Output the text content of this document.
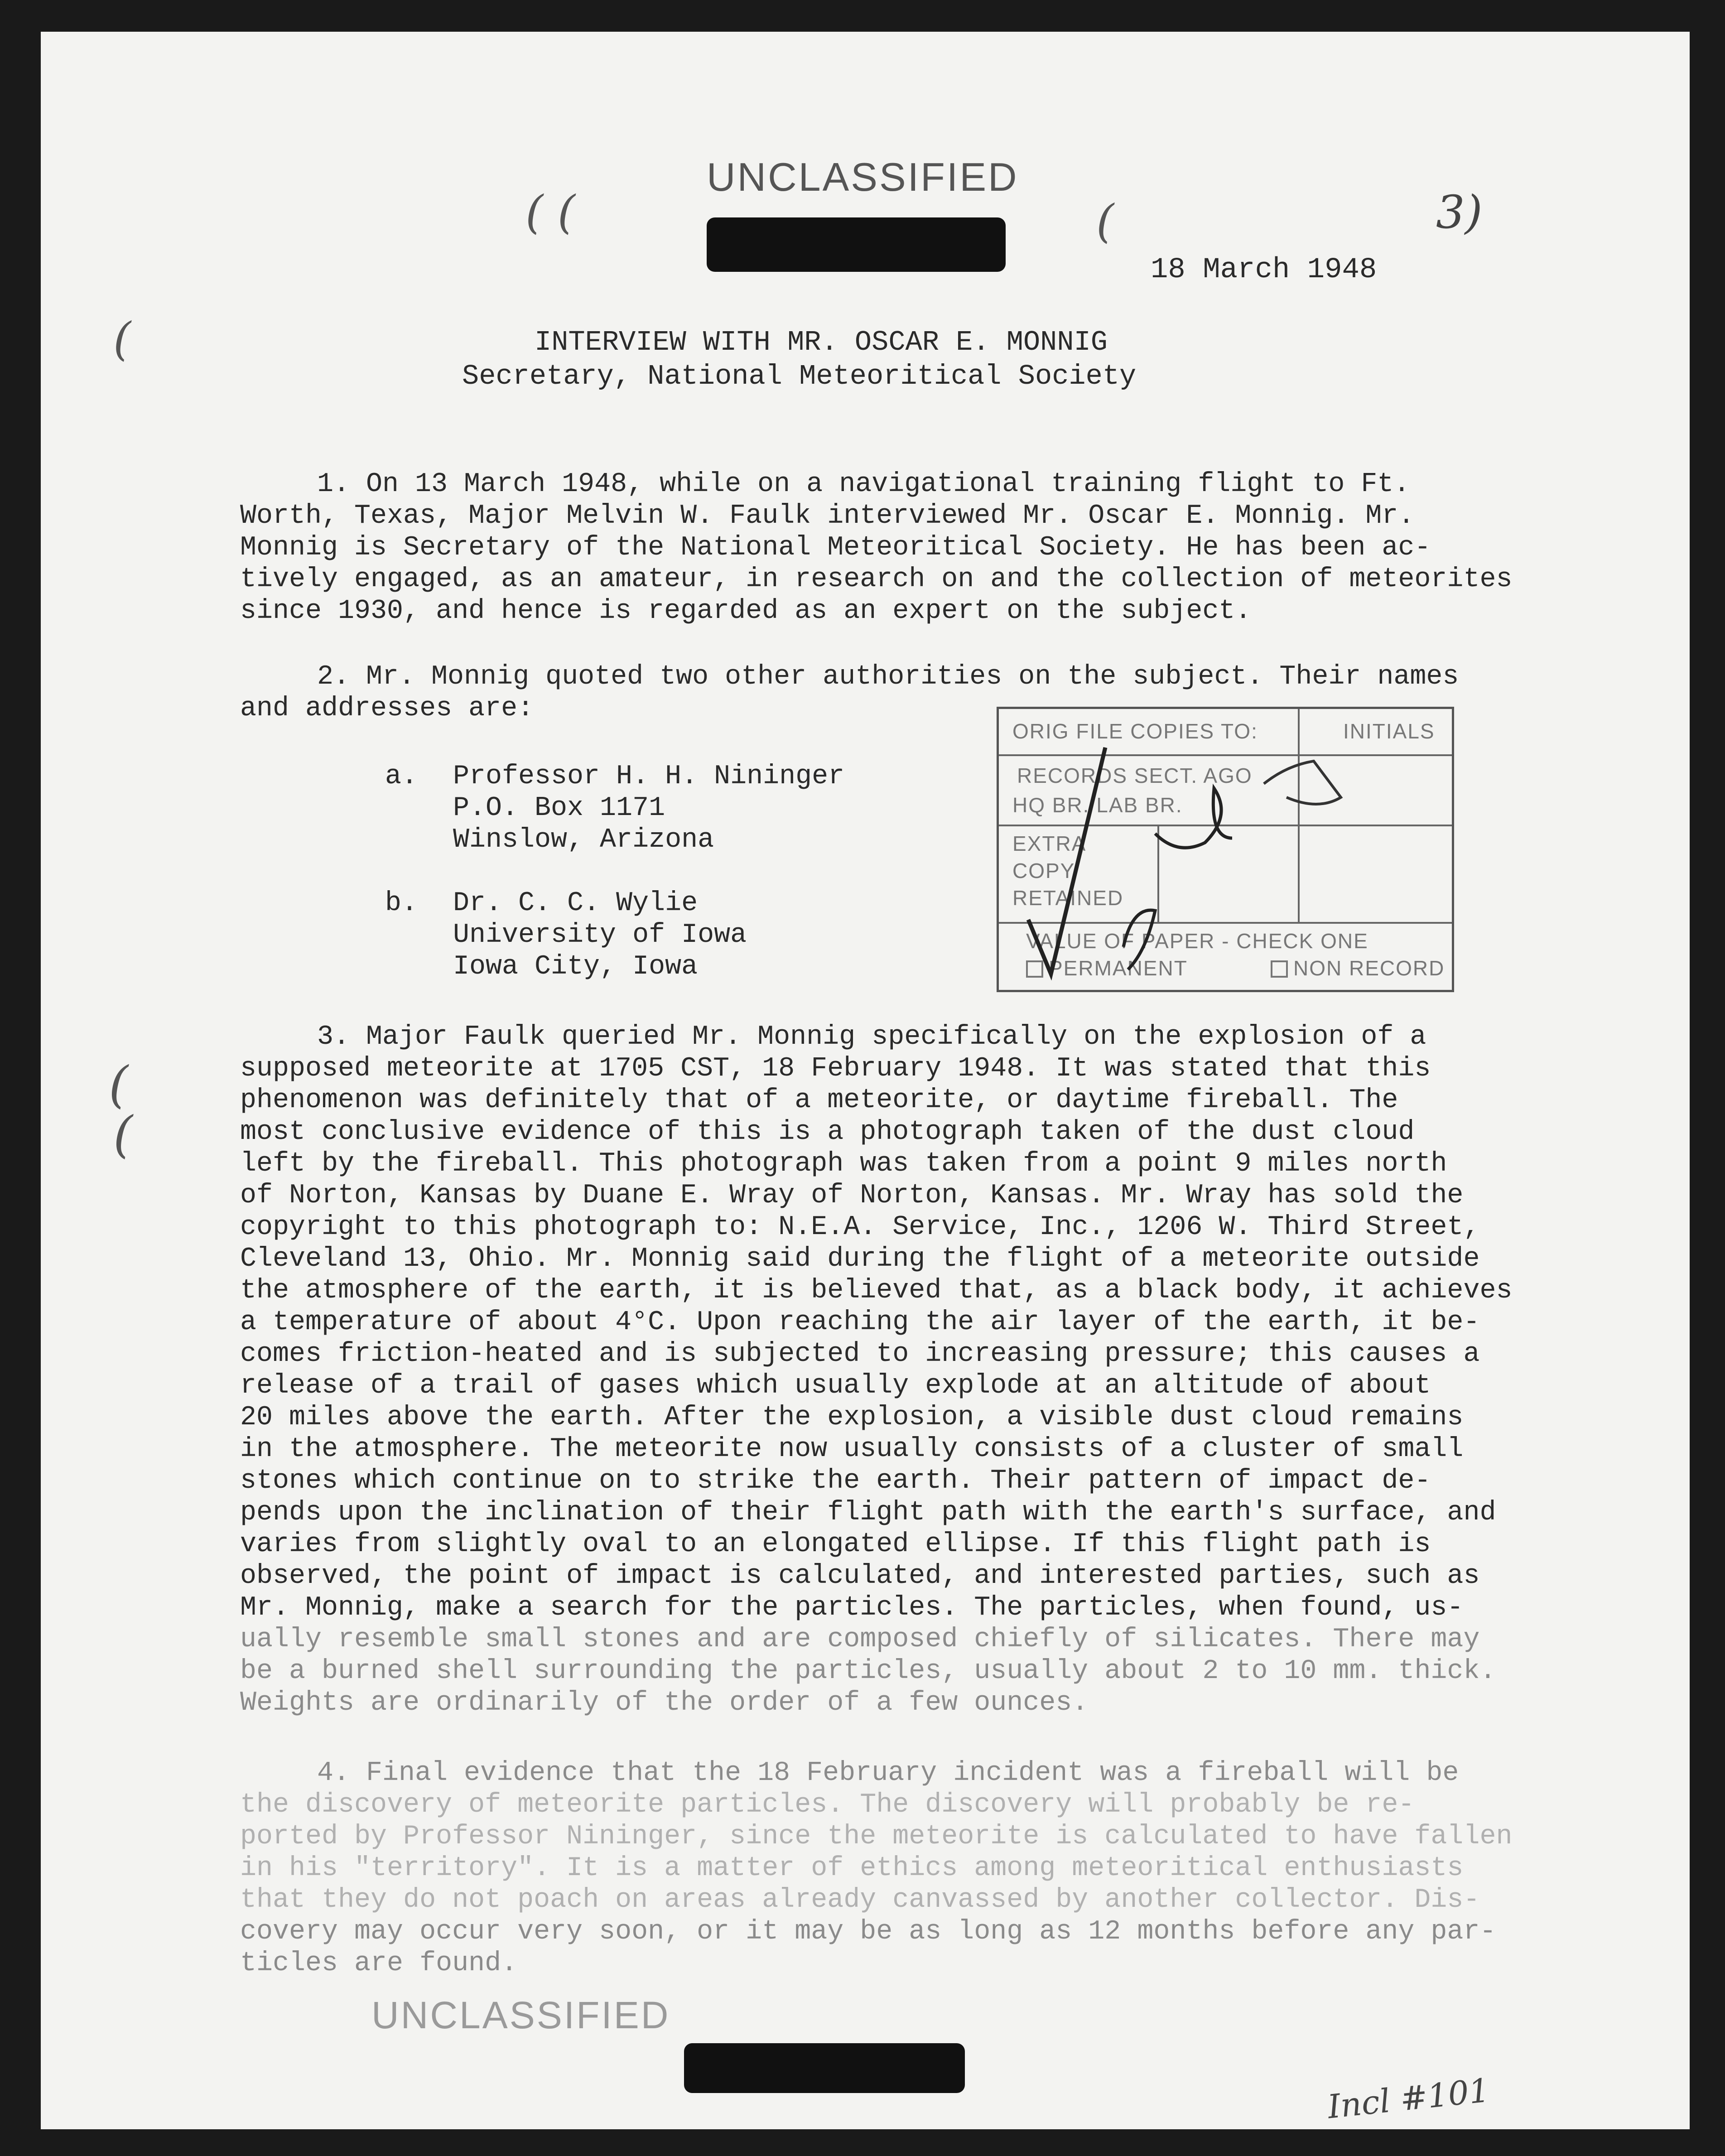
UNCLASSIFIED
3)
18 March 1948
INTERVIEW WITH MR. OSCAR E. MONNIG
Secretary, National Meteoritical Society
1. On 13 March 1948, while on a navigational training flight to Ft.
Worth, Texas, Major Melvin W. Faulk interviewed Mr. Oscar E. Monnig. Mr.
Monnig is Secretary of the National Meteoritical Society. He has been ac-
tively engaged, as an amateur, in research on and the collection of meteorites
since 1930, and hence is regarded as an expert on the subject.
2. Mr. Monnig quoted two other authorities on the subject. Their names
and addresses are:
a. Professor H. H. Nininger
P.O. Box 1171
Winslow, Arizona
b. Dr. C. C. Wylie
University of Iowa
Iowa City, Iowa
ORIG FILE COPIES TO:	INITIALS
RECORDS SECT. AGO
HQ BR. LAB BR.
EXTRA
COPY
RETAINED
VALUE OF PAPER - CHECK ONE
PERMANENT	NON RECORD
3. Major Faulk queried Mr. Monnig specifically on the explosion of a
supposed meteorite at 1705 CST, 18 February 1948. It was stated that this
phenomenon was definitely that of a meteorite, or daytime fireball. The
most conclusive evidence of this is a photograph taken of the dust cloud
left by the fireball. This photograph was taken from a point 9 miles north
of Norton, Kansas by Duane E. Wray of Norton, Kansas. Mr. Wray has sold the
copyright to this photograph to: N.E.A. Service, Inc., 1206 W. Third Street,
Cleveland 13, Ohio. Mr. Monnig said during the flight of a meteorite outside
the atmosphere of the earth, it is believed that, as a black body, it achieves
a temperature of about 4°C. Upon reaching the air layer of the earth, it be-
comes friction-heated and is subjected to increasing pressure; this causes a
release of a trail of gases which usually explode at an altitude of about
20 miles above the earth. After the explosion, a visible dust cloud remains
in the atmosphere. The meteorite now usually consists of a cluster of small
stones which continue on to strike the earth. Their pattern of impact de-
pends upon the inclination of their flight path with the earth's surface, and
varies from slightly oval to an elongated ellipse. If this flight path is
observed, the point of impact is calculated, and interested parties, such as
Mr. Monnig, make a search for the particles. The particles, when found, us-
ually resemble small stones and are composed chiefly of silicates. There may
be a burned shell surrounding the particles, usually about 2 to 10 mm. thick.
Weights are ordinarily of the order of a few ounces.
4. Final evidence that the 18 February incident was a fireball will be
the discovery of meteorite particles. The discovery will probably be re-
ported by Professor Nininger, since the meteorite is calculated to have fallen
in his "territory". It is a matter of ethics among meteoritical enthusiasts
that they do not poach on areas already canvassed by another collector. Dis-
covery may occur very soon, or it may be as long as 12 months before any par-
ticles are found.
UNCLASSIFIED
Incl #101
(
(
(
( (	(
